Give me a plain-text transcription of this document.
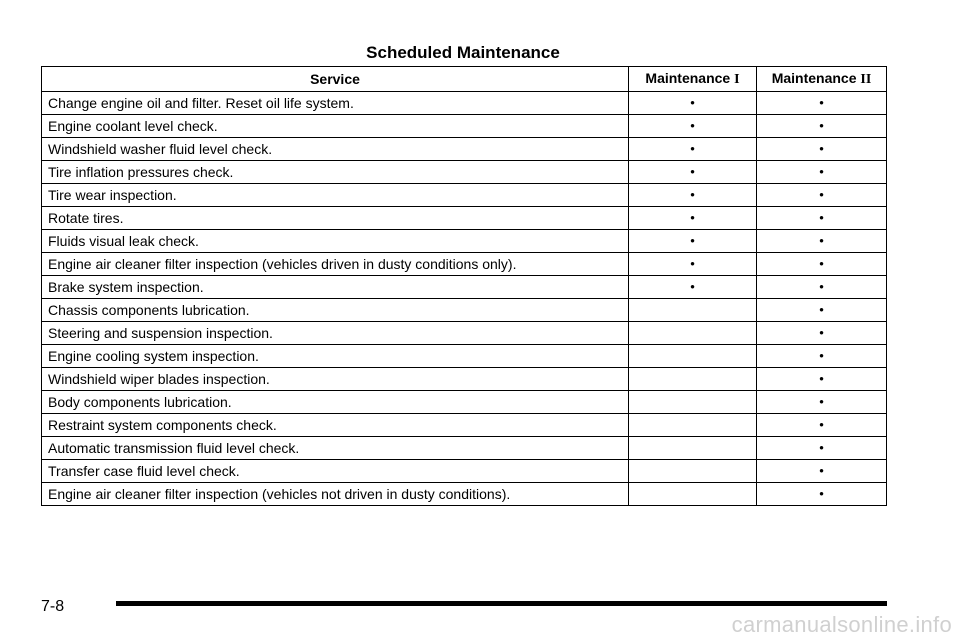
Scheduled Maintenance
Service	Maintenance I	Maintenance II
Change engine oil and filter. Reset oil life system.	•	•
Engine coolant level check.	•	•
Windshield washer fluid level check.	•	•
Tire inflation pressures check.	•	•
Tire wear inspection.	•	•
Rotate tires.	•	•
Fluids visual leak check.	•	•
Engine air cleaner filter inspection (vehicles driven in dusty conditions only).	•	•
Brake system inspection.	•	•
Chassis components lubrication.		•
Steering and suspension inspection.		•
Engine cooling system inspection.		•
Windshield wiper blades inspection.		•
Body components lubrication.		•
Restraint system components check.		•
Automatic transmission fluid level check.		•
Transfer case fluid level check.		•
Engine air cleaner filter inspection (vehicles not driven in dusty conditions).		•
7-8
carmanualsonline.info
